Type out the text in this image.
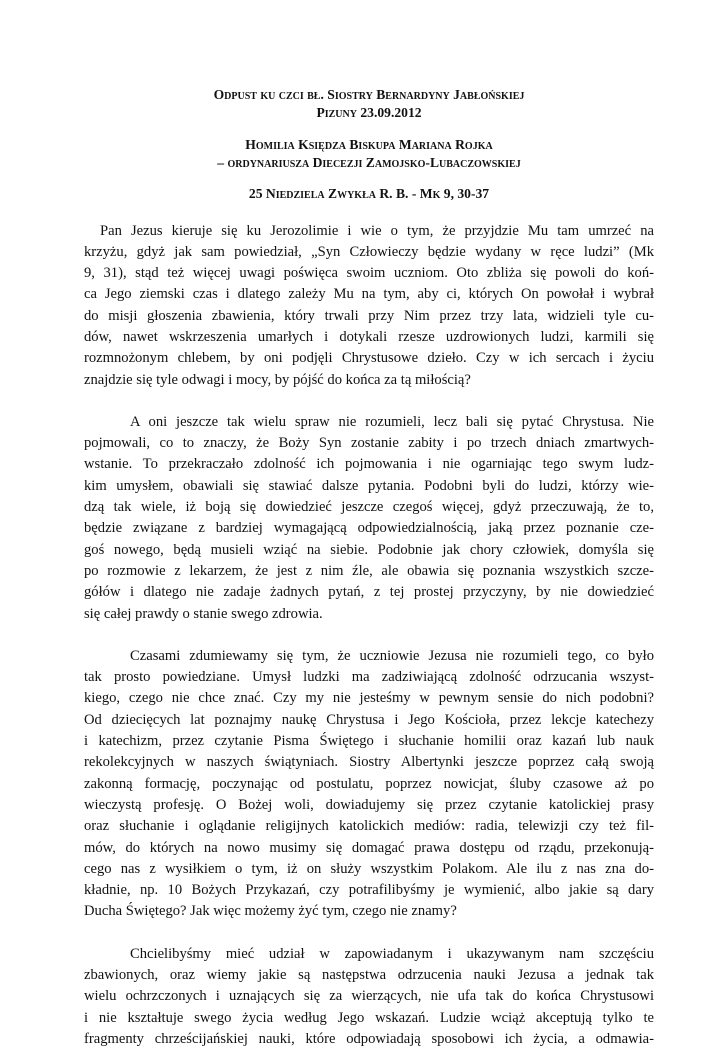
Odpust ku czci bł. Siostry Bernardyny Jabłońskiej

Pizuny 23.09.2012

Homilia Księdza Biskupa Mariana Rojka

– ordynariusza Diecezji Zamojsko-Lubaczowskiej

25 Niedziela Zwykła R. B. - Mk 9, 30-37

Pan Jezus kieruje się ku Jerozolimie i wie o tym, że przyjdzie Mu tam umrzeć na
krzyżu, gdyż jak sam powiedział, „Syn Człowieczy będzie wydany w ręce ludzi” (Mk
9, 31), stąd też więcej uwagi poświęca swoim uczniom. Oto zbliża się powoli do koń-
ca Jego ziemski czas i dlatego zależy Mu na tym, aby ci, których On powołał i wybrał
do misji głoszenia zbawienia, który trwali przy Nim przez trzy lata, widzieli tyle cu-
dów, nawet wskrzeszenia umarłych i dotykali rzesze uzdrowionych ludzi, karmili się
rozmnożonym chlebem, by oni podjęli Chrystusowe dzieło. Czy w ich sercach i życiu
znajdzie się tyle odwagi i mocy, by pójść do końca za tą miłością?
A oni jeszcze tak wielu spraw nie rozumieli, lecz bali się pytać Chrystusa. Nie
pojmowali, co to znaczy, że Boży Syn zostanie zabity i po trzech dniach zmartwych-
wstanie. To przekraczało zdolność ich pojmowania i nie ogarniając tego swym ludz-
kim umysłem, obawiali się stawiać dalsze pytania. Podobni byli do ludzi, którzy wie-
dzą tak wiele, iż boją się dowiedzieć jeszcze czegoś więcej, gdyż przeczuwają, że to,
będzie związane z bardziej wymagającą odpowiedzialnością, jaką przez poznanie cze-
goś nowego, będą musieli wziąć na siebie. Podobnie jak chory człowiek, domyśla się
po rozmowie z lekarzem, że jest z nim źle, ale obawia się poznania wszystkich szcze-
gółów i dlatego nie zadaje żadnych pytań, z tej prostej przyczyny, by nie dowiedzieć
się całej prawdy o stanie swego zdrowia.
Czasami zdumiewamy się tym, że uczniowie Jezusa nie rozumieli tego, co było
tak prosto powiedziane. Umysł ludzki ma zadziwiającą zdolność odrzucania wszyst-
kiego, czego nie chce znać. Czy my nie jesteśmy w pewnym sensie do nich podobni?
Od dziecięcych lat poznajmy naukę Chrystusa i Jego Kościoła, przez lekcje katechezy
i katechizm, przez czytanie Pisma Świętego i słuchanie homilii oraz kazań lub nauk
rekolekcyjnych w naszych świątyniach. Siostry Albertynki jeszcze poprzez całą swoją
zakonną formację, poczynając od postulatu, poprzez nowicjat, śluby czasowe aż po
wieczystą profesję. O Bożej woli, dowiadujemy się przez czytanie katolickiej prasy
oraz słuchanie i oglądanie religijnych katolickich mediów: radia, telewizji czy też fil-
mów, do których na nowo musimy się domagać prawa dostępu od rządu, przekonują-
cego nas z wysiłkiem o tym, iż on służy wszystkim Polakom. Ale ilu z nas zna do-
kładnie, np. 10 Bożych Przykazań, czy potrafilibyśmy je wymienić, albo jakie są dary
Ducha Świętego? Jak więc możemy żyć tym, czego nie znamy?
Chcielibyśmy mieć udział w zapowiadanym i ukazywanym nam szczęściu
zbawionych, oraz wiemy jakie są następstwa odrzucenia nauki Jezusa a jednak tak
wielu ochrzczonych i uznających się za wierzących, nie ufa tak do końca Chrystusowi
i nie kształtuje swego życia według Jego wskazań. Ludzie wciąż akceptują tylko te
fragmenty chrześcijańskiej nauki, które odpowiadają sposobowi ich życia, a odmawia-
